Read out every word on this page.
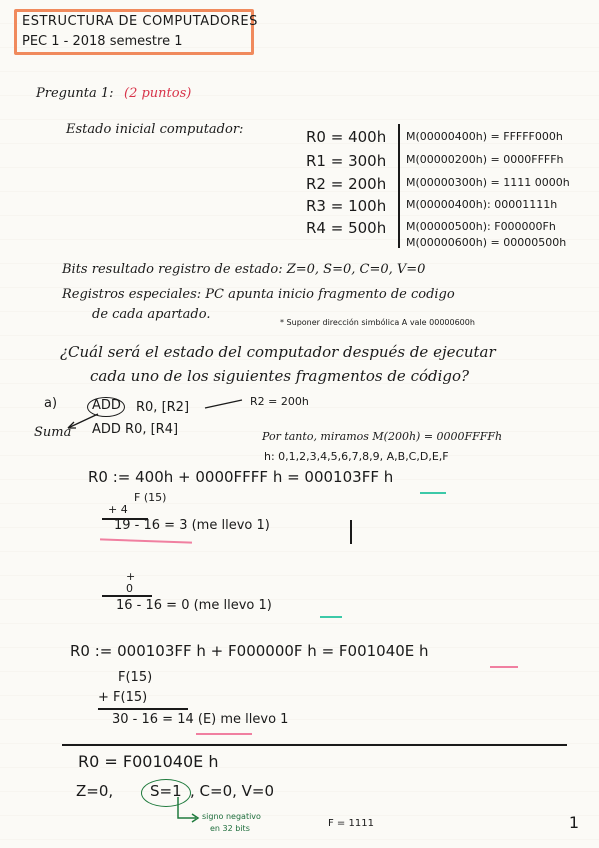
ESTRUCTURA DE COMPUTADORES
PEC 1 - 2018 semestre 1
Pregunta 1: (2 puntos)
Estado inicial computador:	R0 = 400h
R1 = 300h
R2 = 200h
R3 = 100h
R4 = 500h
M(00000400h) = FFFFF000h
M(00000200h) = 0000FFFFh
M(00000300h) = 1111 0000h
M(00000400h): 00001111h
M(00000500h): F000000Fh
M(00000600h) = 00000500h
Bits resultado registro de estado: Z=0, S=0, C=0, V=0
Registros especiales: PC apunta inicio fragmento de codigo
de cada apartado.
* Suponer dirección simbólica A vale 00000600h
¿Cuál será el estado del computador después de ejecutar
cada uno de los siguientes fragmentos de código?
a)	ADD R0, [R2]	R2 = 200h
Suma ADD R0, [R4]	Por tanto, miramos M(200h) = 0000FFFFh
h: 0,1,2,3,4,5,6,7,8,9, A,B,C,D,E,F
R0 := 400h + 0000FFFF h = 000103FF h
F (15)
+ 4
19 - 16 = 3 (me llevo 1)
+
0
16 - 16 = 0 (me llevo 1)
R0 := 000103FF h + F000000F h = F001040E h
F(15)
+ F(15)
30 - 16 = 14 (E) me llevo 1
R0 = F001040E h
Z=0, S=1 , C=0, V=0
signo negativo
en 32 bits	F = 1111	1
